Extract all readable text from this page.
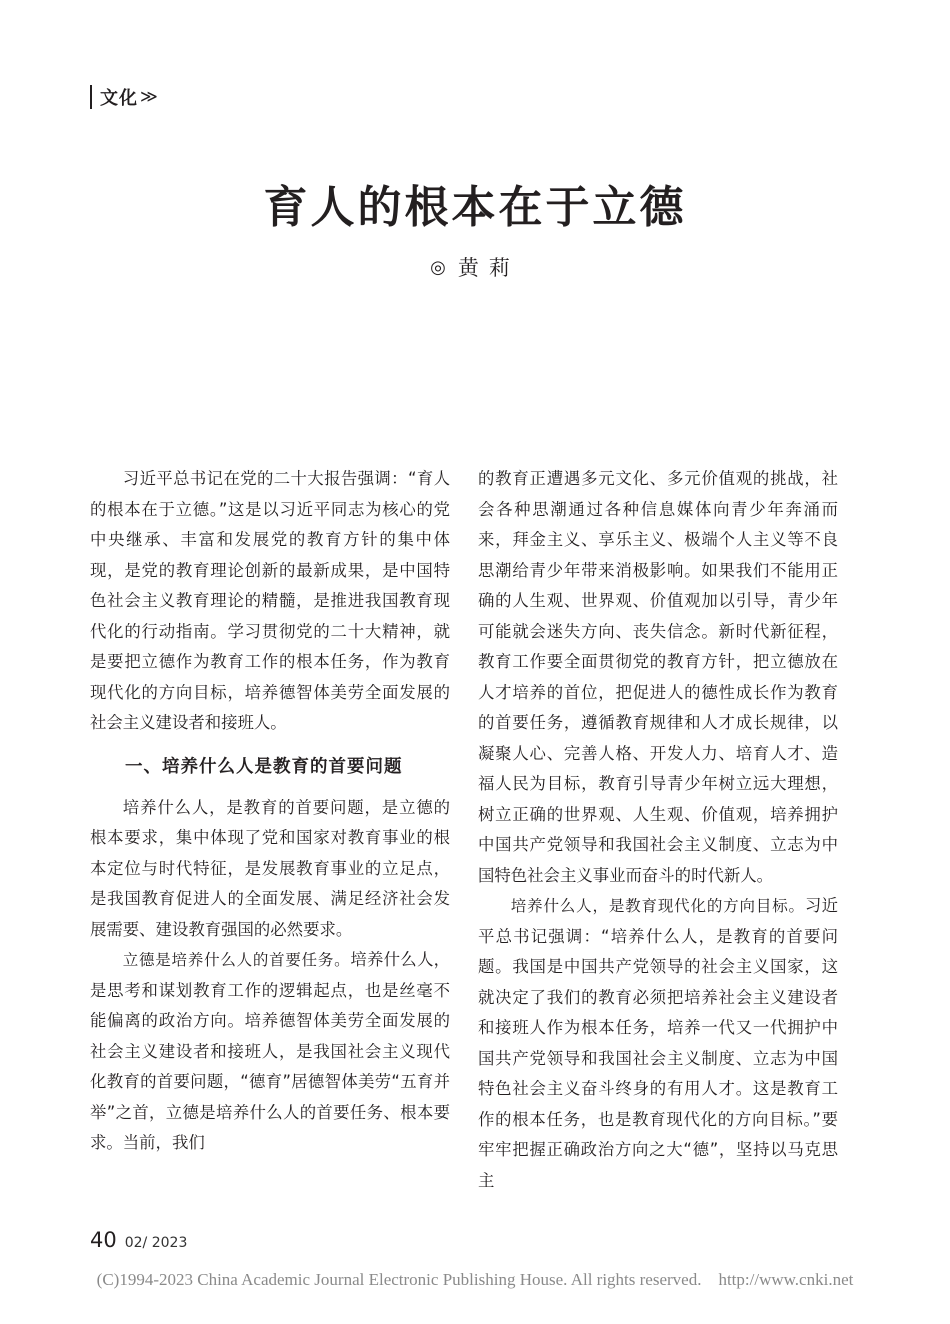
文化 ≫
育人的根本在于立德
◎ 黄莉

习近平总书记在党的二十大报告强调：“育人的根本在于立德。”这是以习近平同志为核心的党中央继承、丰富和发展党的教育方针的集中体现，是党的教育理论创新的最新成果，是中国特色社会主义教育理论的精髓，是推进我国教育现代化的行动指南。学习贯彻党的二十大精神，就是要把立德作为教育工作的根本任务，作为教育现代化的方向目标，培养德智体美劳全面发展的社会主义建设者和接班人。

一、培养什么人是教育的首要问题

培养什么人，是教育的首要问题，是立德的根本要求，集中体现了党和国家对教育事业的根本定位与时代特征，是发展教育事业的立足点，是我国教育促进人的全面发展、满足经济社会发展需要、建设教育强国的必然要求。

立德是培养什么人的首要任务。培养什么人，是思考和谋划教育工作的逻辑起点，也是丝毫不能偏离的政治方向。培养德智体美劳全面发展的社会主义建设者和接班人，是我国社会主义现代化教育的首要问题，“德育”居德智体美劳“五育并举”之首，立德是培养什么人的首要任务、根本要求。当前，我们

的教育正遭遇多元文化、多元价值观的挑战，社会各种思潮通过各种信息媒体向青少年奔涌而来，拜金主义、享乐主义、极端个人主义等不良思潮给青少年带来消极影响。如果我们不能用正确的人生观、世界观、价值观加以引导，青少年可能就会迷失方向、丧失信念。新时代新征程，教育工作要全面贯彻党的教育方针，把立德放在人才培养的首位，把促进人的德性成长作为教育的首要任务，遵循教育规律和人才成长规律，以凝聚人心、完善人格、开发人力、培育人才、造福人民为目标，教育引导青少年树立远大理想，树立正确的世界观、人生观、价值观，培养拥护中国共产党领导和我国社会主义制度、立志为中国特色社会主义事业而奋斗的时代新人。

培养什么人，是教育现代化的方向目标。习近平总书记强调：“培养什么人，是教育的首要问题。我国是中国共产党领导的社会主义国家，这就决定了我们的教育必须把培养社会主义建设者和接班人作为根本任务，培养一代又一代拥护中国共产党领导和我国社会主义制度、立志为中国特色社会主义奋斗终身的有用人才。这是教育工作的根本任务，也是教育现代化的方向目标。”要牢牢把握正确政治方向之大“德”，坚持以马克思主

40 02/ 2023
(C)1994-2023 China Academic Journal Electronic Publishing House. All rights reserved.    http://www.cnki.net
